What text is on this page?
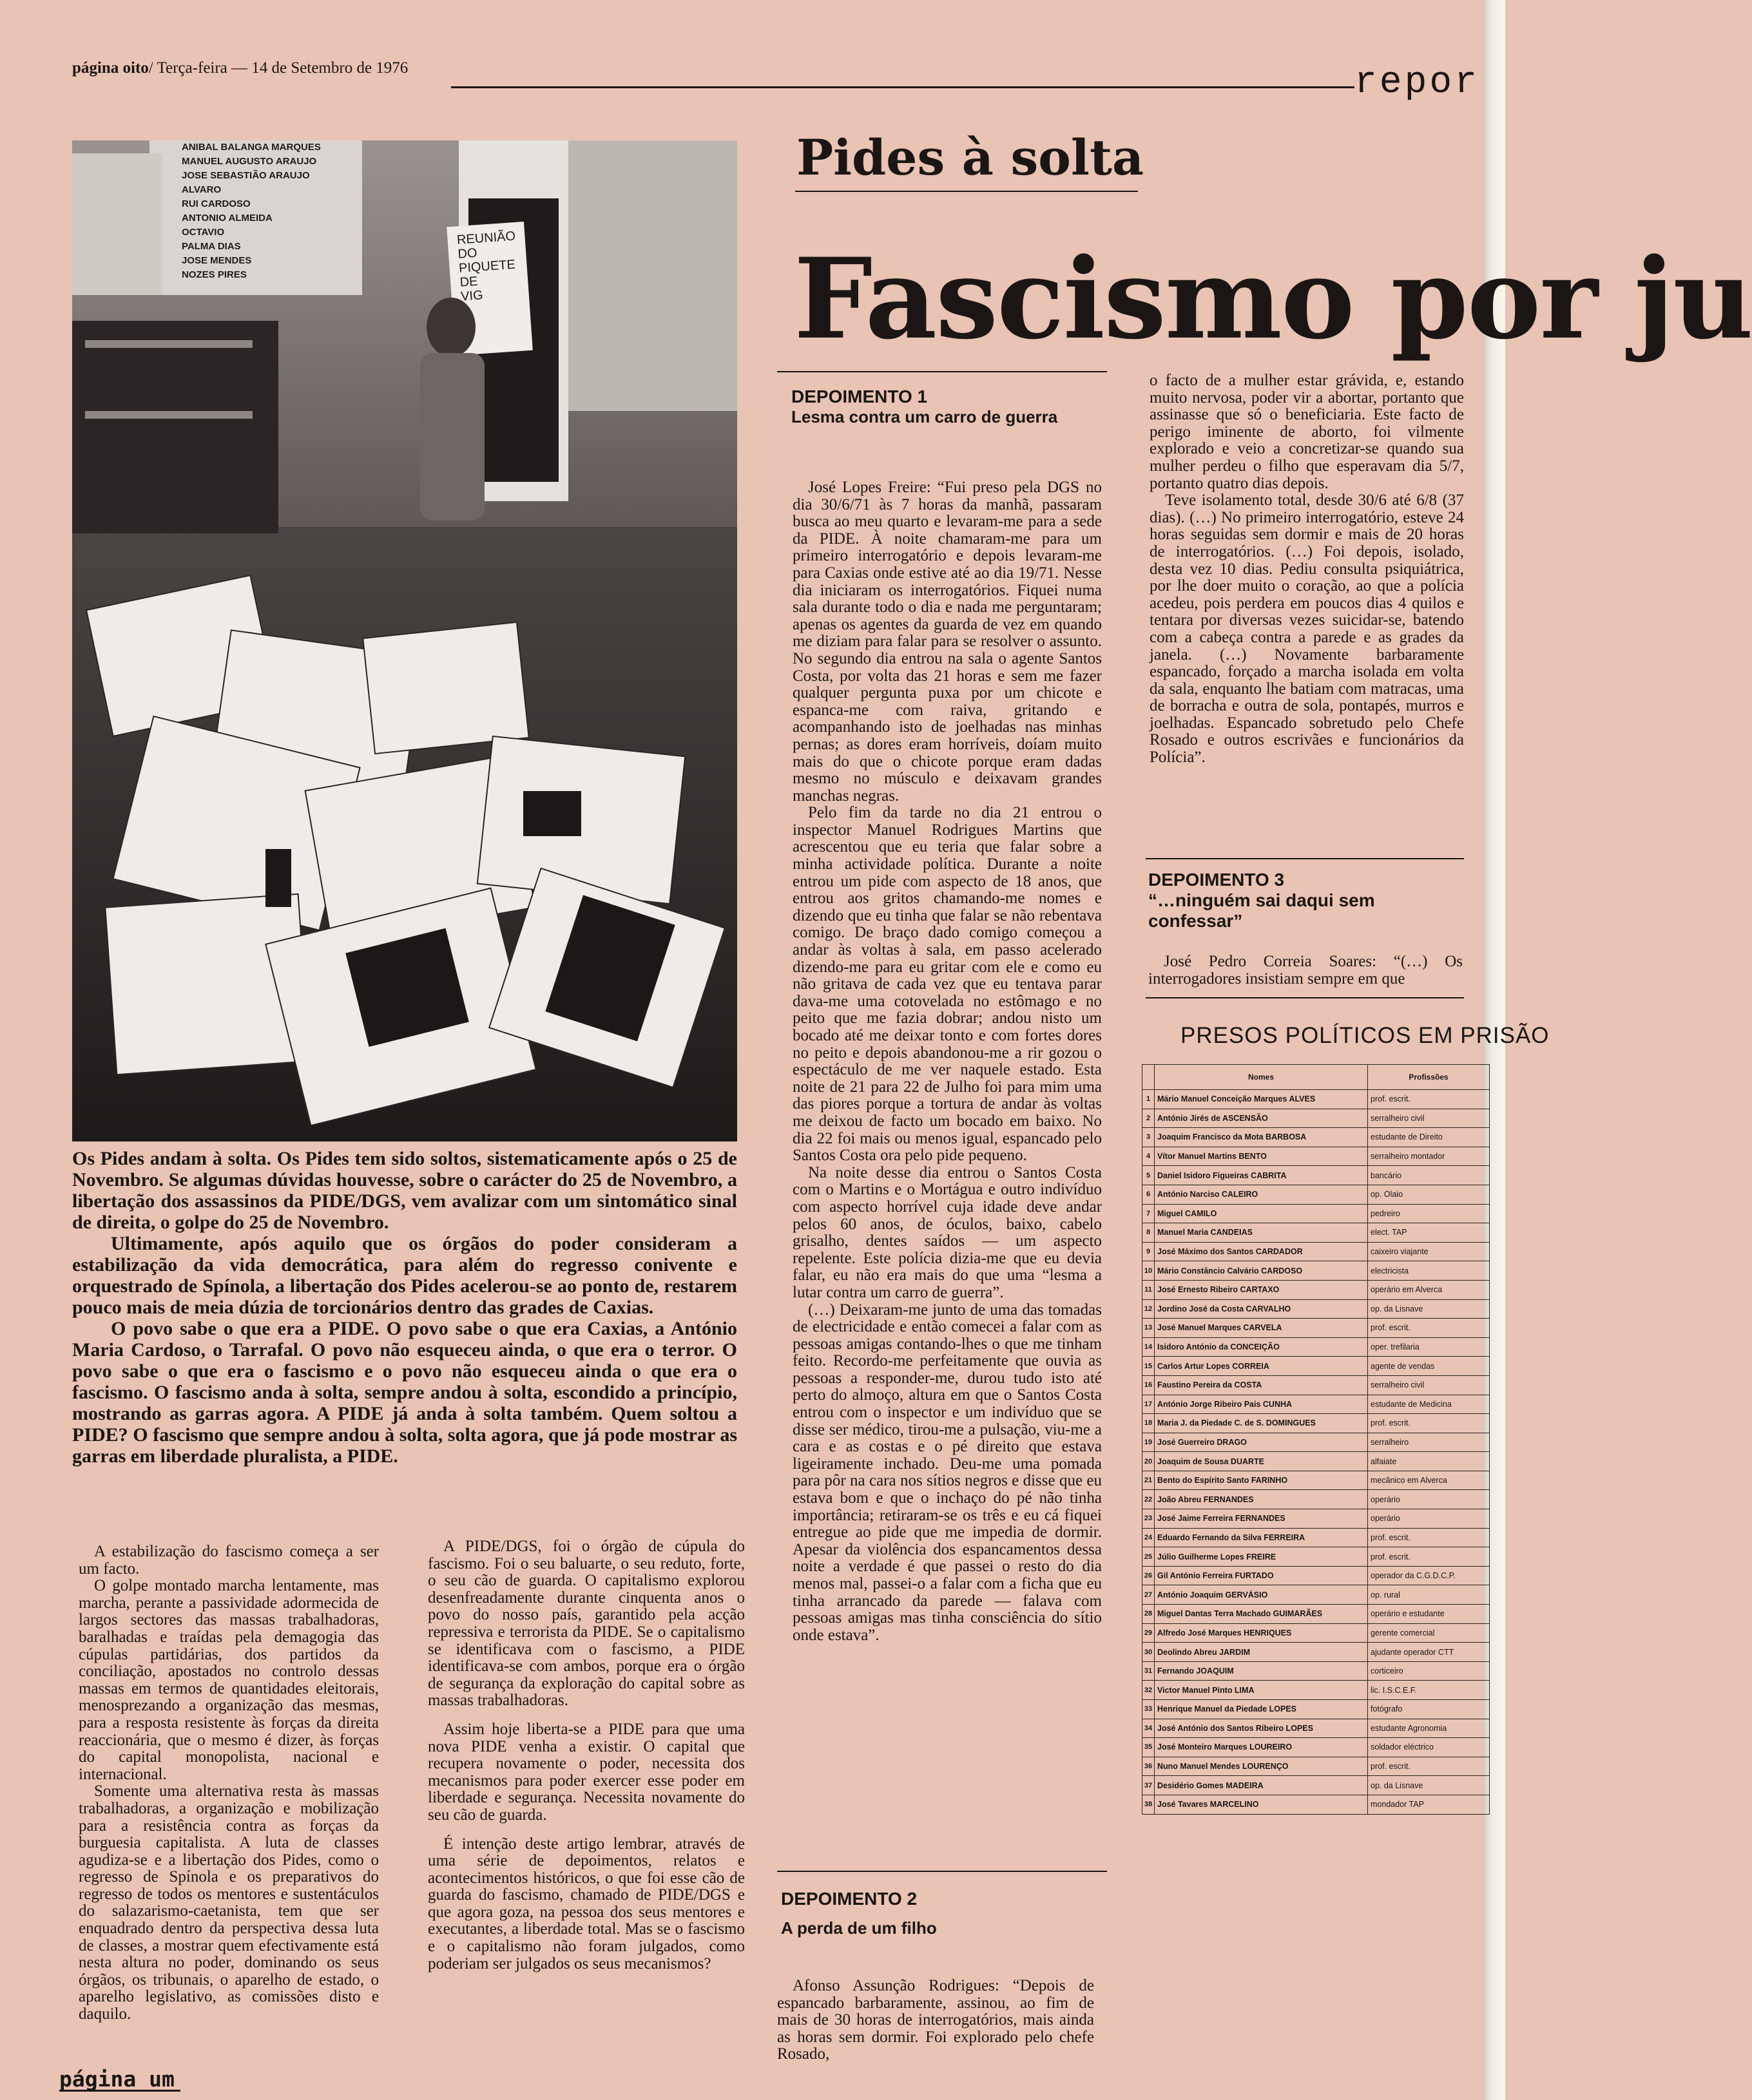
página oito/ Terça-feira — 14 de Setembro de 1976	repor
ANIBAL BALANGA MARQUES
MANUEL AUGUSTO ARAUJO
JOSE SEBASTIÃO ARAUJO
ALVARO
RUI CARDOSO
ANTONIO ALMEIDA
OCTAVIO
PALMA DIAS
JOSE MENDES
NOZES PIRES
REUNIÃO
DO
PIQUETE
DE
VIG
Pides à solta
Fascismo por ju

Os Pides andam à solta. Os Pides tem sido soltos, sistematicamente após o 25 de Novembro. Se algumas dúvidas houvesse, sobre o carácter do 25 de Novembro, a libertação dos assassinos da PIDE/DGS, vem avalizar com um sintomático sinal de direita, o golpe do 25 de Novembro.

Ultimamente, após aquilo que os órgãos do poder consideram a estabilização da vida democrática, para além do regresso conivente e orquestrado de Spínola, a libertação dos Pides acelerou-se ao ponto de, restarem pouco mais de meia dúzia de torcionários dentro das grades de Caxias.

O povo sabe o que era a PIDE. O povo sabe o que era Caxias, a António Maria Cardoso, o Tarrafal. O povo não esqueceu ainda, o que era o terror. O povo sabe o que era o fascismo e o povo não esqueceu ainda o que era o fascismo. O fascismo anda à solta, sempre andou à solta, escondido a princípio, mostrando as garras agora. A PIDE já anda à solta também. Quem soltou a PIDE? O fascismo que sempre andou à solta, solta agora, que já pode mostrar as garras em liberdade pluralista, a PIDE.

A estabilização do fascismo começa a ser um facto.

O golpe montado marcha lentamente, mas marcha, perante a passividade adormecida de largos sectores das massas trabalhadoras, baralhadas e traídas pela demagogia das cúpulas partidárias, dos partidos da conciliação, apostados no controlo dessas massas em termos de quantidades eleitorais, menosprezando a organização das mesmas, para a resposta resistente às forças da direita reaccionária, que o mesmo é dizer, às forças do capital monopolista, nacional e internacional.

Somente uma alternativa resta às massas trabalhadoras, a organização e mobilização para a resistência contra as forças da burguesia capitalista. A luta de classes agudiza-se e a libertação dos Pides, como o regresso de Spínola e os preparativos do regresso de todos os mentores e sustentáculos do salazarismo-caetanista, tem que ser enquadrado dentro da perspectiva dessa luta de classes, a mostrar quem efectivamente está nesta altura no poder, dominando os seus órgãos, os tribunais, o aparelho de estado, o aparelho legislativo, as comissões disto e daquilo.

A PIDE/DGS, foi o órgão de cúpula do fascismo. Foi o seu baluarte, o seu reduto, forte, o seu cão de guarda. O capitalismo explorou desenfreadamente durante cinquenta anos o povo do nosso país, garantido pela acção repressiva e terrorista da PIDE. Se o capitalismo se identificava com o fascismo, a PIDE identificava-se com ambos, porque era o órgão de segurança da exploração do capital sobre as massas trabalhadoras.

Assim hoje liberta-se a PIDE para que uma nova PIDE venha a existir. O capital que recupera novamente o poder, necessita dos mecanismos para poder exercer esse poder em liberdade e segurança. Necessita novamente do seu cão de guarda.

É intenção deste artigo lembrar, através de uma série de depoimentos, relatos e acontecimentos históricos, o que foi esse cão de guarda do fascismo, chamado de PIDE/DGS e que agora goza, na pessoa dos seus mentores e executantes, a liberdade total. Mas se o fascismo e o capitalismo não foram julgados, como poderiam ser julgados os seus mecanismos?

DEPOIMENTO 1
Lesma contra um carro de guerra

José Lopes Freire: “Fui preso pela DGS no dia 30/6/71 às 7 horas da manhã, passaram busca ao meu quarto e levaram-me para a sede da PIDE. À noite chamaram-me para um primeiro interrogatório e depois levaram-me para Caxias onde estive até ao dia 19/71. Nesse dia iniciaram os interrogatórios. Fiquei numa sala durante todo o dia e nada me perguntaram; apenas os agentes da guarda de vez em quando me diziam para falar para se resolver o assunto. No segundo dia entrou na sala o agente Santos Costa, por volta das 21 horas e sem me fazer qualquer pergunta puxa por um chicote e espanca-me com raiva, gritando e acompanhando isto de joelhadas nas minhas pernas; as dores eram horríveis, doíam muito mais do que o chicote porque eram dadas mesmo no músculo e deixavam grandes manchas negras.

Pelo fim da tarde no dia 21 entrou o inspector Manuel Rodrigues Martins que acrescentou que eu teria que falar sobre a minha actividade política. Durante a noite entrou um pide com aspecto de 18 anos, que entrou aos gritos chamando-me nomes e dizendo que eu tinha que falar se não rebentava comigo. De braço dado comigo começou a andar às voltas à sala, em passo acelerado dizendo-me para eu gritar com ele e como eu não gritava de cada vez que eu tentava parar dava-me uma cotovelada no estômago e no peito que me fazia dobrar; andou nisto um bocado até me deixar tonto e com fortes dores no peito e depois abandonou-me a rir gozou o espectáculo de me ver naquele estado. Esta noite de 21 para 22 de Julho foi para mim uma das piores porque a tortura de andar às voltas me deixou de facto um bocado em baixo. No dia 22 foi mais ou menos igual, espancado pelo Santos Costa ora pelo pide pequeno.

Na noite desse dia entrou o Santos Costa com o Martins e o Mortágua e outro indivíduo com aspecto horrível cuja idade deve andar pelos 60 anos, de óculos, baixo, cabelo grisalho, dentes saídos — um aspecto repelente. Este polícia dizia-me que eu devia falar, eu não era mais do que uma “lesma a lutar contra um carro de guerra”.

(…) Deixaram-me junto de uma das tomadas de electricidade e então comecei a falar com as pessoas amigas contando-lhes o que me tinham feito. Recordo-me perfeitamente que ouvia as pessoas a responder-me, durou tudo isto até perto do almoço, altura em que o Santos Costa entrou com o inspector e um indivíduo que se disse ser médico, tirou-me a pulsação, viu-me a cara e as costas e o pé direito que estava ligeiramente inchado. Deu-me uma pomada para pôr na cara nos sítios negros e disse que eu estava bom e que o inchaço do pé não tinha importância; retiraram-se os três e eu cá fiquei entregue ao pide que me impedia de dormir. Apesar da violência dos espancamentos dessa noite a verdade é que passei o resto do dia menos mal, passei-o a falar com a ficha que eu tinha arrancado da parede — falava com pessoas amigas mas tinha consciência do sítio onde estava”.

DEPOIMENTO 2
A perda de um filho

Afonso Assunção Rodrigues: “Depois de espancado barbaramente, assinou, ao fim de mais de 30 horas de interrogatórios, mais ainda as horas sem dormir. Foi explorado pelo chefe Rosado,

o facto de a mulher estar grávida, e, estando muito nervosa, poder vir a abortar, portanto que assinasse que só o beneficiaria. Este facto de perigo iminente de aborto, foi vilmente explorado e veio a concretizar-se quando sua mulher perdeu o filho que esperavam dia 5/7, portanto quatro dias depois.

Teve isolamento total, desde 30/6 até 6/8 (37 dias). (…) No primeiro interrogatório, esteve 24 horas seguidas sem dormir e mais de 20 horas de interrogatórios. (…) Foi depois, isolado, desta vez 10 dias. Pediu consulta psiquiátrica, por lhe doer muito o coração, ao que a polícia acedeu, pois perdera em poucos dias 4 quilos e tentara por diversas vezes suicidar-se, batendo com a cabeça contra a parede e as grades da janela. (…) Novamente barbaramente espancado, forçado a marcha isolada em volta da sala, enquanto lhe batiam com matracas, uma de borracha e outra de sola, pontapés, murros e joelhadas. Espancado sobretudo pelo Chefe Rosado e outros escrivães e funcionários da Polícia”.

DEPOIMENTO 3
“…ninguém sai daqui sem confessar”

José Pedro Correia Soares: “(…) Os interrogadores insistiam sempre em que

PRESOS POLÍTICOS EM PRISÃO
	Nomes	Profissões
1	Mário Manuel Conceição Marques ALVES	prof. escrit.
2	António Jirés de ASCENSÃO	serralheiro civil
3	Joaquim Francisco da Mota BARBOSA	estudante de Direito
4	Vítor Manuel Martins BENTO	serralheiro montador
5	Daniel Isidoro Figueiras CABRITA	bancário
6	António Narciso CALEIRO	op. Olaio
7	Miguel CAMILO	pedreiro
8	Manuel Maria CANDEIAS	elect. TAP
9	José Máximo dos Santos CARDADOR	caixeiro viajante
10	Mário Constâncio Calvário CARDOSO	electricista
11	José Ernesto Ribeiro CARTAXO	operário em Alverca
12	Jordino José da Costa CARVALHO	op. da Lisnave
13	José Manuel Marques CARVELA	prof. escrit.
14	Isidoro António da CONCEIÇÃO	oper. trefilaria
15	Carlos Artur Lopes CORREIA	agente de vendas
16	Faustino Pereira da COSTA	serralheiro civil
17	António Jorge Ribeiro Pais CUNHA	estudante de Medicina
18	Maria J. da Piedade C. de S. DOMINGUES	prof. escrit.
19	José Guerreiro DRAGO	serralheiro
20	Joaquim de Sousa DUARTE	alfaiate
21	Bento do Espírito Santo FARINHO	mecânico em Alverca
22	João Abreu FERNANDES	operário
23	José Jaime Ferreira FERNANDES	operário
24	Eduardo Fernando da Silva FERREIRA	prof. escrit.
25	Júlio Guilherme Lopes FREIRE	prof. escrit.
26	Gil António Ferreira FURTADO	operador da C.G.D.C.P.
27	António Joaquim GERVÁSIO	op. rural
28	Miguel Dantas Terra Machado GUIMARÃES	operário e estudante
29	Alfredo José Marques HENRIQUES	gerente comercial
30	Deolindo Abreu JARDIM	ajudante operador CTT
31	Fernando JOAQUIM	corticeiro
32	Victor Manuel Pinto LIMA	lic. I.S.C.E.F.
33	Henrique Manuel da Piedade LOPES	fotógrafo
34	José António dos Santos Ribeiro LOPES	estudante Agronomia
35	José Monteiro Marques LOUREIRO	soldador eléctrico
36	Nuno Manuel Mendes LOURENÇO	prof. escrit.
37	Desidério Gomes MADEIRA	op. da Lisnave
38	José Tavares MARCELINO	mondador TAP
página um
